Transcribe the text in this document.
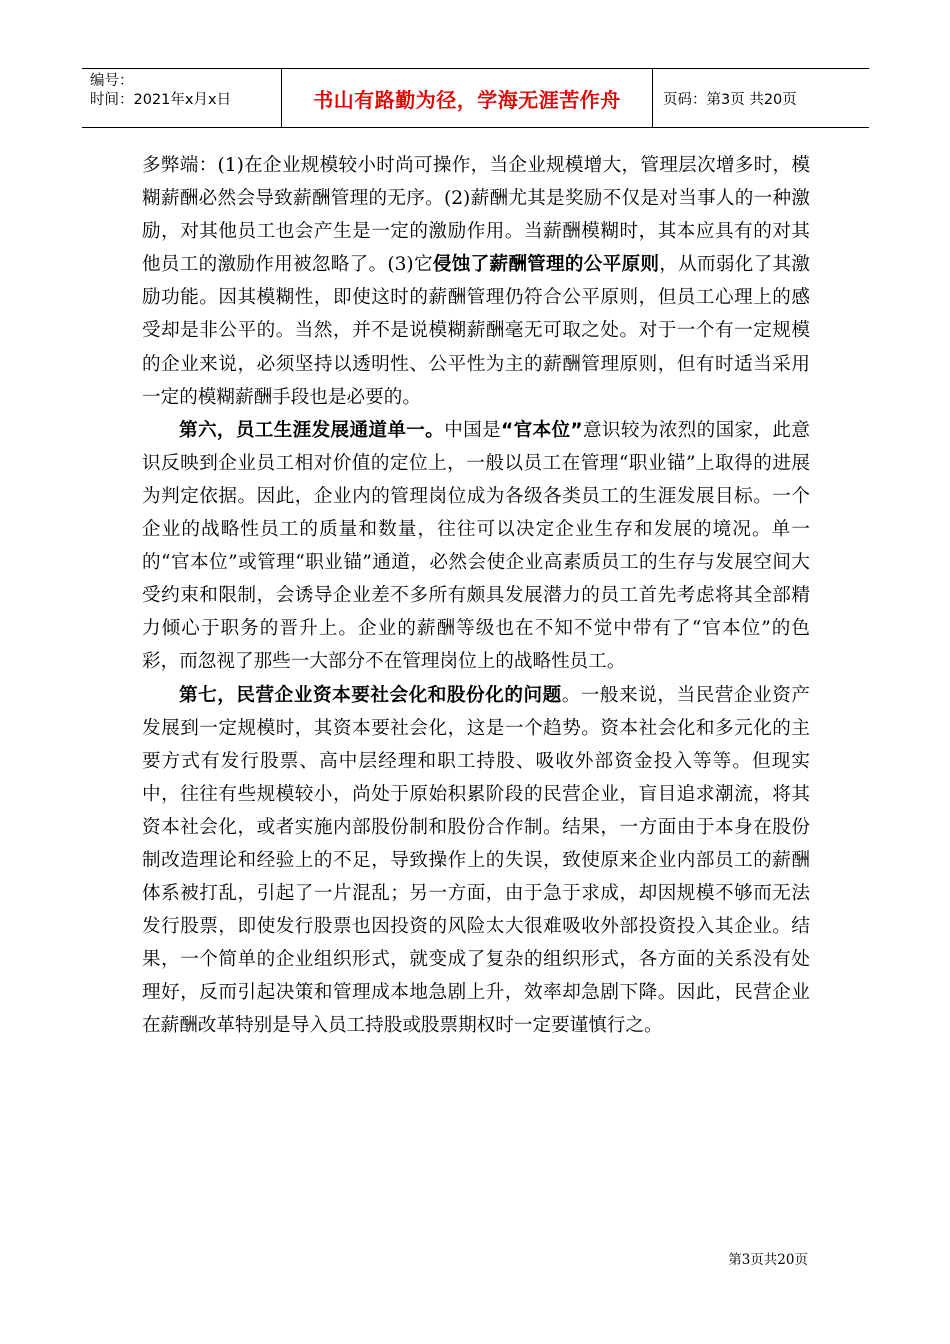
编号：
时间：2021年x月x日	书山有路勤为径，学海无涯苦作舟	页码：第3页 共20页

多弊端：(1)在企业规模较小时尚可操作，当企业规模增大，管理层次增多时，模糊薪酬必然会导致薪酬管理的无序。(2)薪酬尤其是奖励不仅是对当事人的一种激励，对其他员工也会产生是一定的激励作用。当薪酬模糊时，其本应具有的对其他员工的激励作用被忽略了。(3)它侵蚀了薪酬管理的公平原则，从而弱化了其激励功能。因其模糊性，即使这时的薪酬管理仍符合公平原则，但员工心理上的感受却是非公平的。当然，并不是说模糊薪酬毫无可取之处。对于一个有一定规模的企业来说，必须坚持以透明性、公平性为主的薪酬管理原则，但有时适当采用一定的模糊薪酬手段也是必要的。

第六，员工生涯发展通道单一。中国是“官本位”意识较为浓烈的国家，此意识反映到企业员工相对价值的定位上，一般以员工在管理“职业锚”上取得的进展为判定依据。因此，企业内的管理岗位成为各级各类员工的生涯发展目标。一个企业的战略性员工的质量和数量，往往可以决定企业生存和发展的境况。单一的“官本位”或管理“职业锚”通道，必然会使企业高素质员工的生存与发展空间大受约束和限制，会诱导企业差不多所有颇具发展潜力的员工首先考虑将其全部精力倾心于职务的晋升上。企业的薪酬等级也在不知不觉中带有了“官本位”的色彩，而忽视了那些一大部分不在管理岗位上的战略性员工。

第七，民营企业资本要社会化和股份化的问题。一般来说，当民营企业资产发展到一定规模时，其资本要社会化，这是一个趋势。资本社会化和多元化的主要方式有发行股票、高中层经理和职工持股、吸收外部资金投入等等。但现实中，往往有些规模较小，尚处于原始积累阶段的民营企业，盲目追求潮流，将其资本社会化，或者实施内部股份制和股份合作制。结果，一方面由于本身在股份制改造理论和经验上的不足，导致操作上的失误，致使原来企业内部员工的薪酬体系被打乱，引起了一片混乱；另一方面，由于急于求成，却因规模不够而无法发行股票，即使发行股票也因投资的风险太大很难吸收外部投资投入其企业。结果，一个简单的企业组织形式，就变成了复杂的组织形式，各方面的关系没有处理好，反而引起决策和管理成本地急剧上升，效率却急剧下降。因此，民营企业在薪酬改革特别是导入员工持股或股票期权时一定要谨慎行之。

第3页共20页
